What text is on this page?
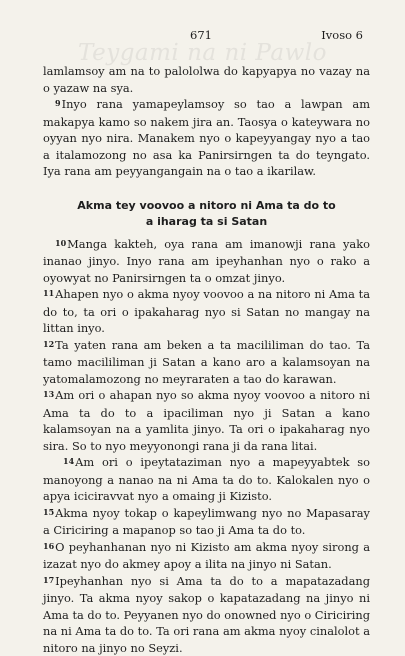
Teygami na ni Pawlo
671	Ivoso 6

lamlamsoy am na to palololwa do kapyapya no vazay na o yazaw na sya.

$^9$Inyo rana yamapeylamsoy so tao a lawpan am makapya kamo so nakem jira an. Taosya o kateywara no oyyan nyo nira. Manakem nyo o kapeyyangay nyo a tao a italamozong no asa ka Panirsirngen ta do teyngato. Iya rana am peyyangangain na o tao a ikarilaw.

Akma tey voovoo a nitoro ni Ama ta do to
a iharag ta si Satan

$^{10}$Manga kakteh, oya rana am imanowji rana yako inanao jinyo. Inyo rana am ipeyhanhan nyo o rako a oyowyat no Panirsirngen ta o omzat jinyo.

$^{11}$Ahapen nyo o akma nyoy voovoo a na nitoro ni Ama ta do to, ta ori o ipakaharag nyo si Satan no mangay na littan inyo.

$^{12}$Ta yaten rana am beken a ta macililiman do tao. Ta tamo macililiman ji Satan a kano aro a kalamsoyan na yatomalamozong no meyraraten a tao do karawan.

$^{13}$Am ori o ahapan nyo so akma nyoy voovoo a nitoro ni Ama ta do to a ipaciliman nyo ji Satan a kano kalamsoyan na a yamlita jinyo. Ta ori o ipakaharag nyo sira. So to nyo meyyonongi rana ji da rana litai.

$^{14}$Am ori o ipeytataziman nyo a mapeyyabtek so manoyong a nanao na ni Ama ta do to. Kalokalen nyo o apya iciciravvat nyo a omaing ji Kizisto.

$^{15}$Akma nyoy tokap o kapeylimwang nyo no Mapasaray a Ciriciring a mapanop so tao ji Ama ta do to.

$^{16}$O peyhanhanan nyo ni Kizisto am akma nyoy sirong a izazat nyo do akmey apoy a ilita na jinyo ni Satan.

$^{17}$Ipeyhanhan nyo si Ama ta do to a mapatazadang jinyo. Ta akma nyoy sakop o kapatazadang na jinyo ni Ama ta do to. Peyyanen nyo do onowned nyo o Ciriciring na ni Ama ta do to. Ta ori rana am akma nyoy cinalolot a nitoro na jinyo no Seyzi.
